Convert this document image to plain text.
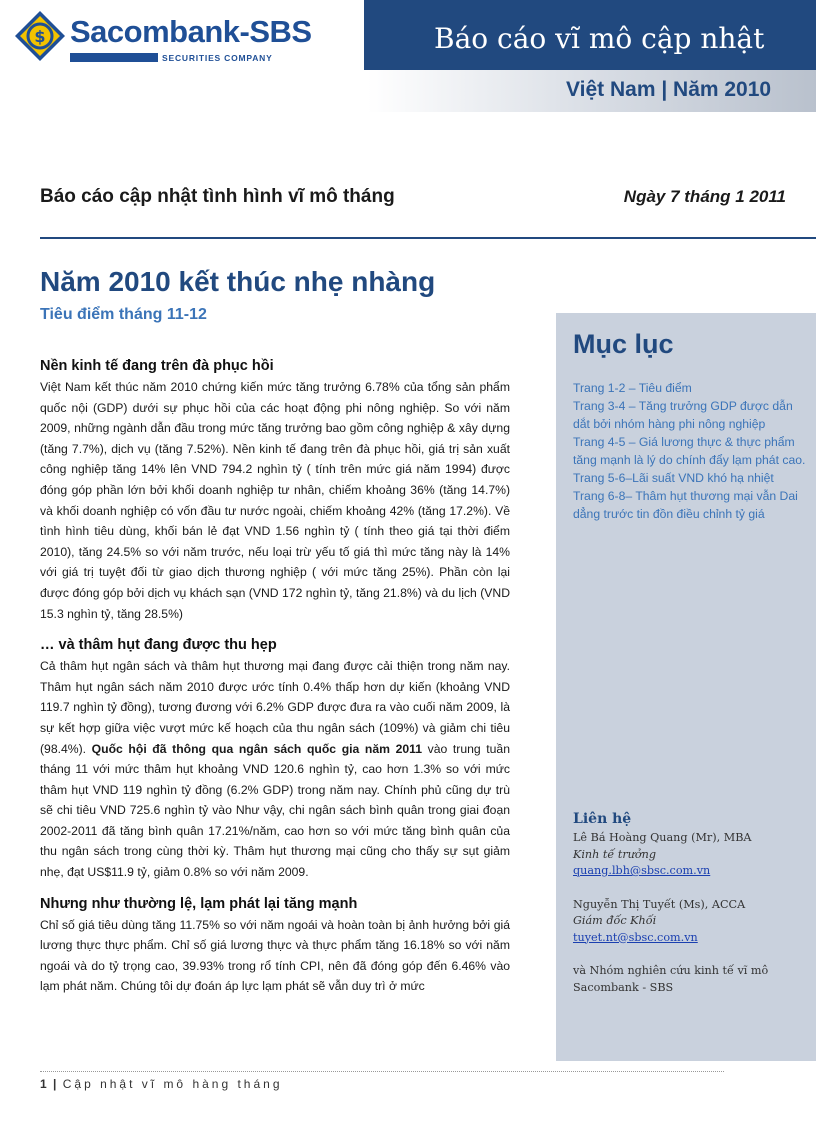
$ Sacombank-SBS
SECURITIES COMPANY
Báo cáo vĩ mô cập nhật
Việt Nam | Năm 2010
Báo cáo cập nhật tình hình vĩ mô tháng	Ngày 7 tháng 1 2011
Năm 2010 kết thúc nhẹ nhàng
Tiêu điểm tháng 11-12
Nền kinh tế đang trên đà phục hồi

Việt Nam kết thúc năm 2010 chứng kiến mức tăng trưởng 6.78% của tổng sản phẩm quốc nội (GDP) dưới sự phục hồi của các hoạt động phi nông nghiệp. So với năm 2009, những ngành dẫn đầu trong mức tăng trưởng bao gồm công nghiệp & xây dựng (tăng 7.7%), dịch vụ (tăng 7.52%). Nền kinh tế đang trên đà phục hồi, giá trị sản xuất công nghiệp tăng 14% lên VND 794.2 nghìn tỷ ( tính trên mức giá năm 1994) được đóng góp phần lớn bởi khối doanh nghiệp tư nhân, chiếm khoảng 36% (tăng 14.7%) và khối doanh nghiệp có vốn đầu tư nước ngoài, chiếm khoảng 42% (tăng 17.2%). Về tình hình tiêu dùng, khối bán lẻ đạt VND 1.56 nghìn tỷ ( tính theo giá tại thời điểm 2010), tăng 24.5% so với năm trước, nếu loại trừ yếu tố giá thì mức tăng này là 14% với giá trị tuyệt đối từ giao dịch thương nghiệp ( với mức tăng 25%). Phần còn lại được đóng góp bởi dịch vụ khách sạn (VND 172 nghìn tỷ, tăng 21.8%) và du lịch (VND 15.3 nghìn tỷ, tăng 28.5%)

… và thâm hụt đang được thu hẹp

Cả thâm hụt ngân sách và thâm hụt thương mại đang được cải thiện trong năm nay. Thâm hụt ngân sách năm 2010 được ước tính 0.4% thấp hơn dự kiến (khoảng VND 119.7 nghìn tỷ đồng), tương đương với 6.2% GDP được đưa ra vào cuối năm 2009, là sự kết hợp giữa việc vượt mức kế hoạch của thu ngân sách (109%) và giảm chi tiêu (98.4%). Quốc hội đã thông qua ngân sách quốc gia năm 2011 vào trung tuần tháng 11 với mức thâm hụt khoảng VND 120.6 nghìn tỷ, cao hơn 1.3% so với mức thâm hụt VND 119 nghìn tỷ đồng (6.2% GDP) trong năm nay. Chính phủ cũng dự trù sẽ chi tiêu VND 725.6 nghìn tỷ vào Như vậy, chi ngân sách bình quân trong giai đoạn 2002-2011 đã tăng bình quân 17.21%/năm, cao hơn so với mức tăng bình quân của thu ngân sách trong cùng thời kỳ. Thâm hụt thương mại cũng cho thấy sự sụt giảm nhẹ, đạt US$11.9 tỷ, giảm 0.8% so với năm 2009.

Nhưng như thường lệ, lạm phát lại tăng mạnh

Chỉ số giá tiêu dùng tăng 11.75% so với năm ngoái và hoàn toàn bị ảnh hưởng bởi giá lương thực thực phẩm. Chỉ số giá lương thực và thực phẩm tăng 16.18% so với năm ngoái và do tỷ trọng cao, 39.93% trong rổ tính CPI, nên đã đóng góp đến 6.46% vào lạm phát năm. Chúng tôi dự đoán áp lực lạm phát sẽ vẫn duy trì ở mức

Mục lục
Trang 1-2 – Tiêu điểm
Trang 3-4 – Tăng trưởng GDP được dẫn dắt bởi nhóm hàng phi nông nghiệp
Trang 4-5 – Giá lương thực & thực phẩm tăng mạnh là lý do chính đẩy lạm phát cao.
Trang 5-6–Lãi suất VND khó hạ nhiệt
Trang 6-8– Thâm hụt thương mại vẫn Dai dẳng trước tin đồn điều chỉnh tỷ giá
Liên hệ
Lê Bá Hoàng Quang (Mr), MBA
Kinh tế trưởng
quang.lbh@sbsc.com.vn
Nguyễn Thị Tuyết (Ms), ACCA
Giám đốc Khối
tuyet.nt@sbsc.com.vn
và Nhóm nghiên cứu kinh tế vĩ mô
Sacombank - SBS
1 | Cập nhật vĩ mô hàng tháng
